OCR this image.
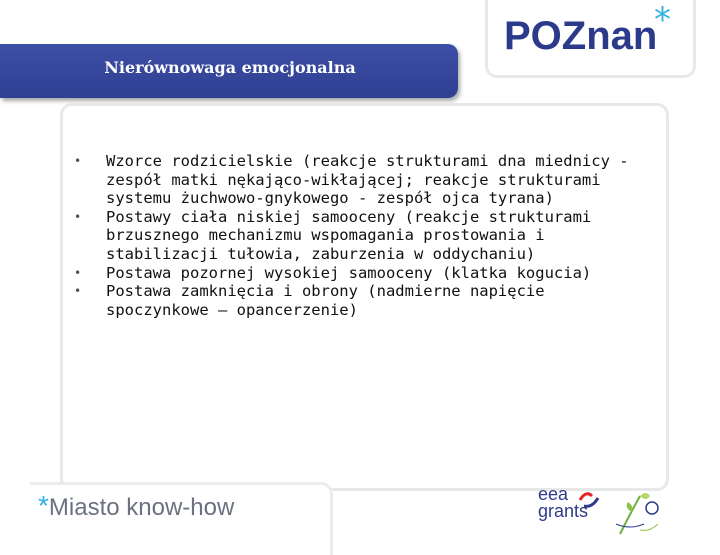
Nierównowaga emocjonalna
POZnan
*
• Wzorce rodzicielskie (reakcje strukturami dna miednicy - zespół matki nękająco-wikłającej; reakcje strukturami systemu żuchwowo-gnykowego - zespół ojca tyrana)
• Postawy ciała niskiej samooceny (reakcje strukturami brzusznego mechanizmu wspomagania prostowania i stabilizacji tułowia, zaburzenia w oddychaniu)
• Postawa pozornej wysokiej samooceny (klatka kogucia)
• Postawa zamknięcia i obrony (nadmierne napięcie spoczynkowe – opancerzenie)
*Miasto know-how	eea
grants
